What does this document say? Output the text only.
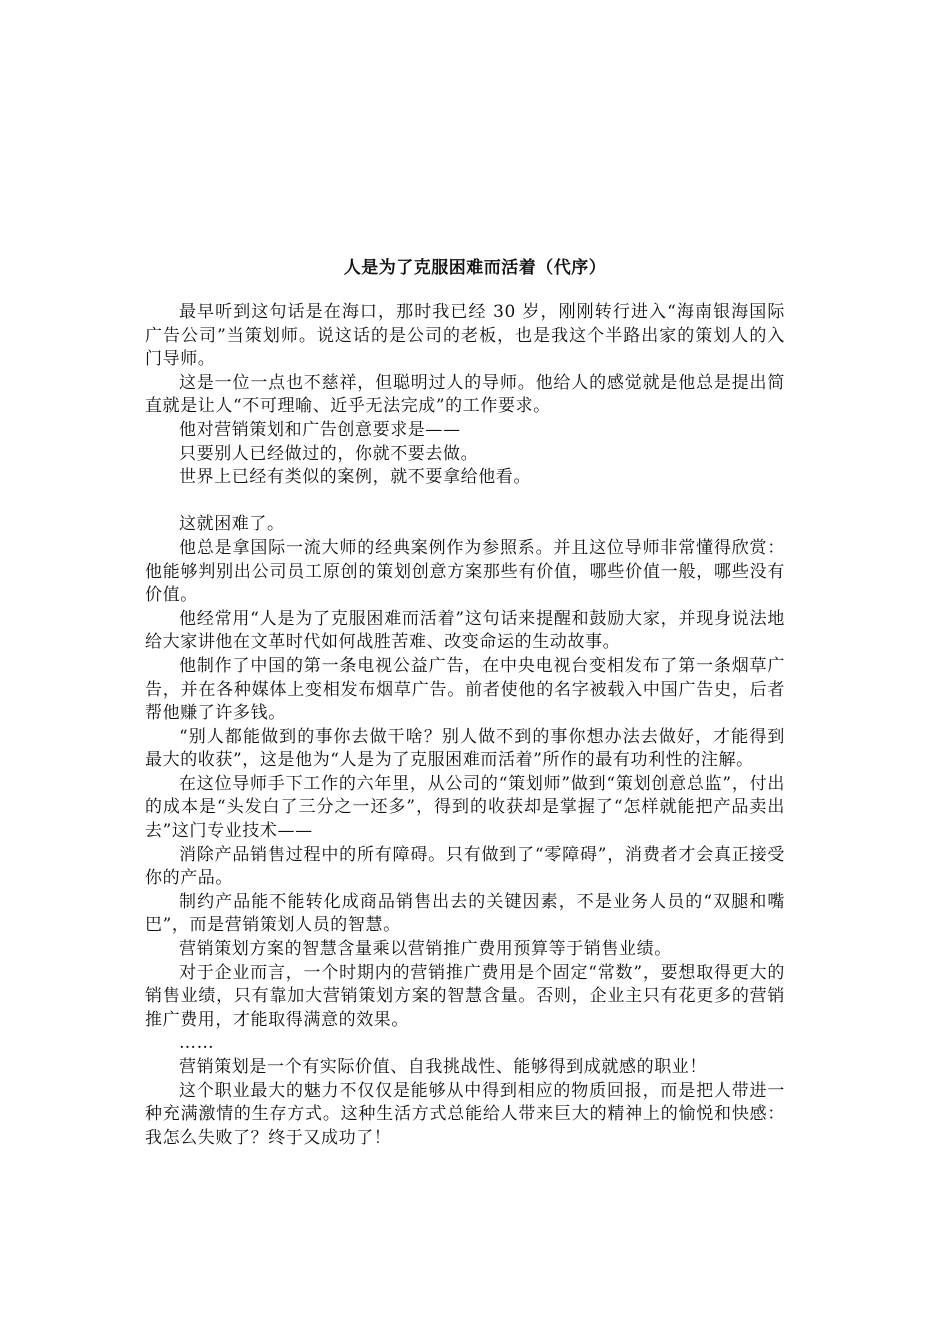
人是为了克服困难而活着（代序）

最早听到这句话是在海口，那时我已经 30 岁，刚刚转行进入“海南银海国际广告公司”当策划师。说这话的是公司的老板，也是我这个半路出家的策划人的入门导师。

这是一位一点也不慈祥，但聪明过人的导师。他给人的感觉就是他总是提出简直就是让人“不可理喻、近乎无法完成”的工作要求。

他对营销策划和广告创意要求是——

只要别人已经做过的，你就不要去做。

世界上已经有类似的案例，就不要拿给他看。

这就困难了。

他总是拿国际一流大师的经典案例作为参照系。并且这位导师非常懂得欣赏：他能够判别出公司员工原创的策划创意方案那些有价值，哪些价值一般，哪些没有价值。

他经常用“人是为了克服困难而活着”这句话来提醒和鼓励大家，并现身说法地给大家讲他在文革时代如何战胜苦难、改变命运的生动故事。

他制作了中国的第一条电视公益广告，在中央电视台变相发布了第一条烟草广告，并在各种媒体上变相发布烟草广告。前者使他的名字被载入中国广告史，后者帮他赚了许多钱。

“别人都能做到的事你去做干啥？别人做不到的事你想办法去做好，才能得到最大的收获”，这是他为“人是为了克服困难而活着”所作的最有功利性的注解。

在这位导师手下工作的六年里，从公司的“策划师”做到“策划创意总监”，付出的成本是“头发白了三分之一还多”，得到的收获却是掌握了“怎样就能把产品卖出去”这门专业技术——

消除产品销售过程中的所有障碍。只有做到了“零障碍”，消费者才会真正接受你的产品。

制约产品能不能转化成商品销售出去的关键因素，不是业务人员的“双腿和嘴巴”，而是营销策划人员的智慧。

营销策划方案的智慧含量乘以营销推广费用预算等于销售业绩。

对于企业而言，一个时期内的营销推广费用是个固定“常数”，要想取得更大的销售业绩，只有靠加大营销策划方案的智慧含量。否则，企业主只有花更多的营销推广费用，才能取得满意的效果。

……

营销策划是一个有实际价值、自我挑战性、能够得到成就感的职业！

这个职业最大的魅力不仅仅是能够从中得到相应的物质回报，而是把人带进一种充满激情的生存方式。这种生活方式总能给人带来巨大的精神上的愉悦和快感：我怎么失败了？终于又成功了！
